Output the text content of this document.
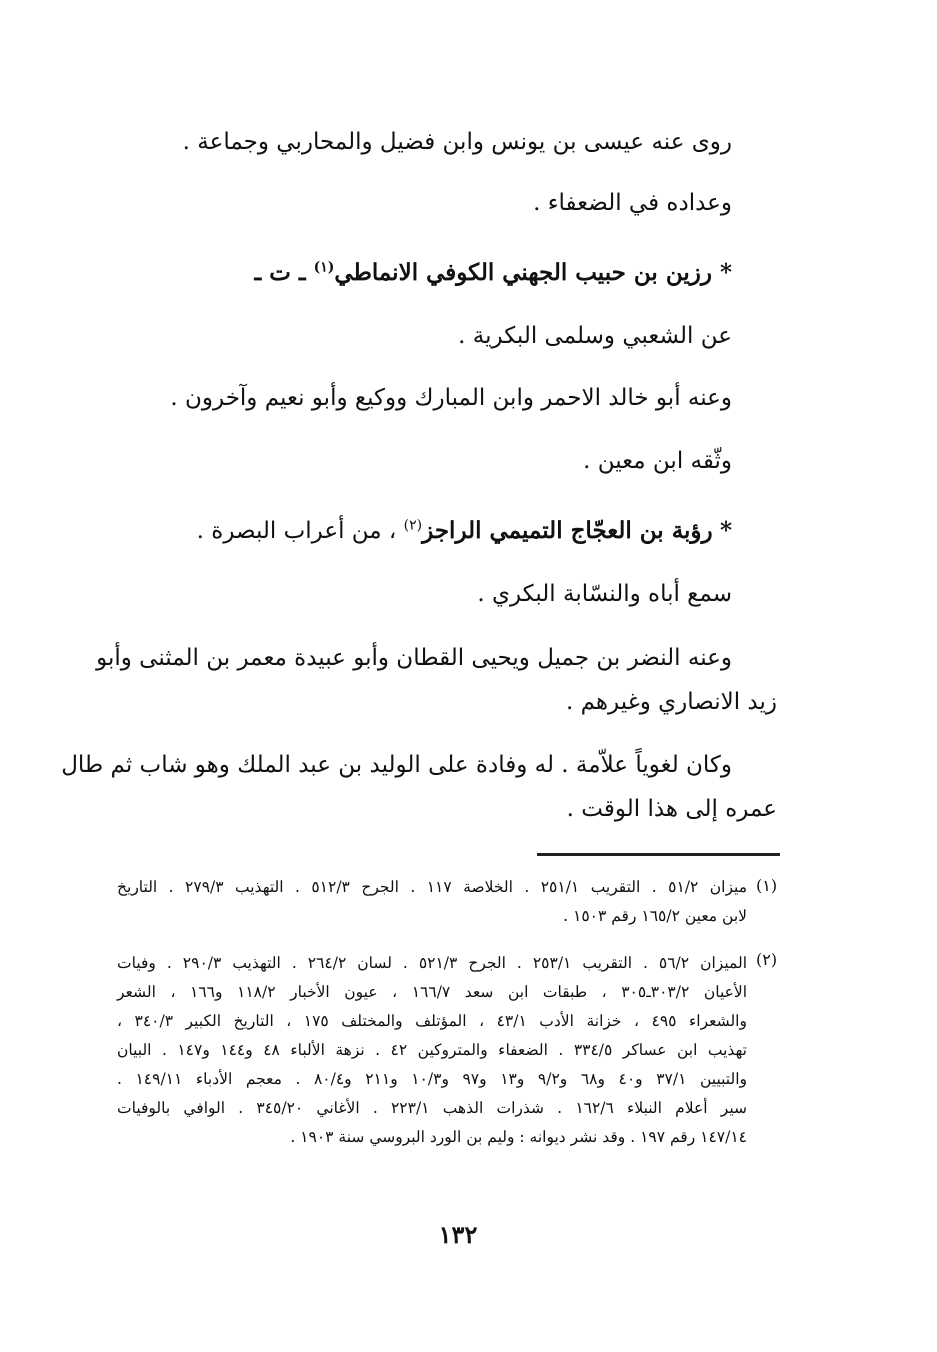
روى عنه عيسى بن يونس وابن فضيل والمحاربي وجماعة .
وعداده في الضعفاء .
* رزين بن حبيب الجهني الكوفي الانماطي$^{(١)}$ ـ ت ـ
عن الشعبي وسلمى البكرية .
وعنه أبو خالد الاحمر وابن المبارك ووكيع وأبو نعيم وآخرون .
وثّقه ابن معين .
* رؤبة بن العجّاج التميمي الراجز$^{(٢)}$ ، من أعراب البصرة .
سمع أباه والنسّابة البكري .
وعنه النضر بن جميل ويحيى القطان وأبو عبيدة معمر بن المثنى وأبو
زيد الانصاري وغيرهم .
وكان لغوياً علاّمة . له وفادة على الوليد بن عبد الملك وهو شاب ثم طال
عمره إلى هذا الوقت .
(١)
ميزان ٥١/٢ . التقريب ٢٥١/١ . الخلاصة ١١٧ . الجرح ٥١٢/٣ . التهذيب ٢٧٩/٣ . التاريخ
لابن معين ١٦٥/٢ رقم ١٥٠٣ .
(٢)
الميزان ٥٦/٢ . التقريب ٢٥٣/١ . الجرح ٥٢١/٣ . لسان ٢٦٤/٢ . التهذيب ٢٩٠/٣ . وفيات
الأعيان ٣٠٣/٢ـ٣٠٥ ، طبقات ابن سعد ١٦٦/٧ ، عيون الأخبار ١١٨/٢ و١٦٦ ، الشعر
والشعراء ٤٩٥ ، خزانة الأدب ٤٣/١ ، المؤتلف والمختلف ١٧٥ ، التاريخ الكبير ٣٤٠/٣ ،
تهذيب ابن عساكر ٣٣٤/٥ . الضعفاء والمتروكين ٤٢ . نزهة الألباء ٤٨ و١٤٤ و١٤٧ . البيان
والتبيين ٣٧/١ و٤٠ و٦٨ و٩/٢ و١٣ و٩٧ و١٠/٣ و٢١١ و٨٠/٤ . معجم الأدباء ١٤٩/١١ .
سير أعلام النبلاء ١٦٢/٦ . شذرات الذهب ٢٢٣/١ . الأغاني ٣٤٥/٢٠ . الوافي بالوفيات
١٤٧/١٤ رقم ١٩٧ . وقد نشر ديوانه : وليم بن الورد البروسي سنة ١٩٠٣ .
١٣٢
